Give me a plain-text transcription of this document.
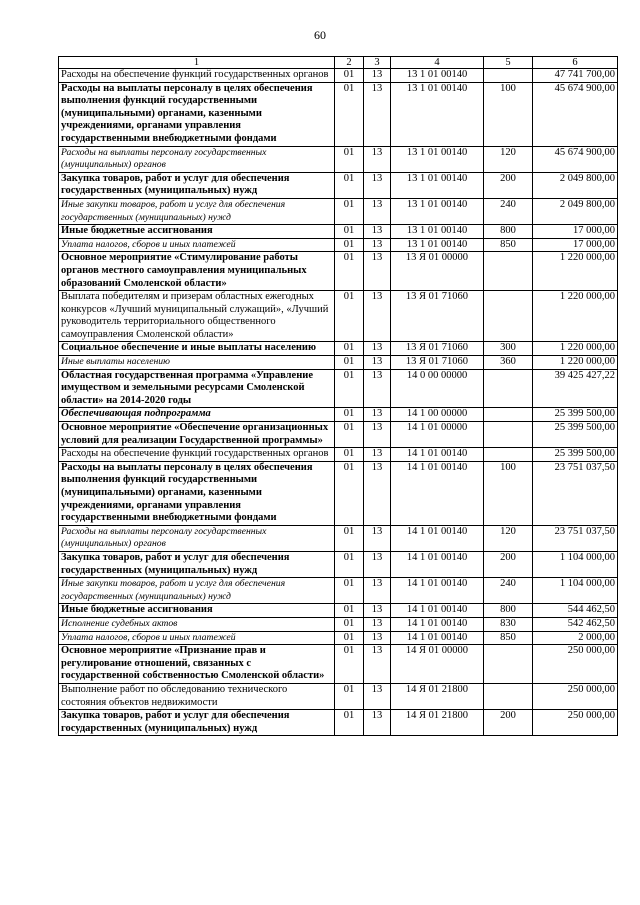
60
1	2	3	4	5	6
Расходы на обеспечение функций государственных органов	01	13	13 1 01 00140		47 741 700,00
Расходы на выплаты персоналу в целях обеспечения выполнения функций государственными (муниципальными) органами, казенными учреждениями, органами управления государственными внебюджетными фондами	01	13	13 1 01 00140	100	45 674 900,00
Расходы на выплаты персоналу государственных (муниципальных) органов	01	13	13 1 01 00140	120	45 674 900,00
Закупка товаров, работ и услуг для обеспечения государственных (муниципальных) нужд	01	13	13 1 01 00140	200	2 049 800,00
Иные закупки товаров, работ и услуг для обеспечения государственных (муниципальных) нужд	01	13	13 1 01 00140	240	2 049 800,00
Иные бюджетные ассигнования	01	13	13 1 01 00140	800	17 000,00
Уплата налогов, сборов и иных платежей	01	13	13 1 01 00140	850	17 000,00
Основное мероприятие «Стимулирование работы органов местного самоуправления муниципальных образований Смоленской области»	01	13	13 Я 01 00000		1 220 000,00
Выплата победителям и призерам областных ежегодных конкурсов «Лучший муниципальный служащий», «Лучший руководитель территориального общественного самоуправления Смоленской области»	01	13	13 Я 01 71060		1 220 000,00
Социальное обеспечение и иные выплаты населению	01	13	13 Я 01 71060	300	1 220 000,00
Иные выплаты населению	01	13	13 Я 01 71060	360	1 220 000,00
Областная государственная программа «Управление имуществом и земельными ресурсами Смоленской области» на 2014-2020 годы	01	13	14 0 00 00000		39 425 427,22
Обеспечивающая подпрограмма	01	13	14 1 00 00000		25 399 500,00
Основное мероприятие «Обеспечение организационных условий для реализации Государственной программы»	01	13	14 1 01 00000		25 399 500,00
Расходы на обеспечение функций государственных органов	01	13	14 1 01 00140		25 399 500,00
Расходы на выплаты персоналу в целях обеспечения выполнения функций государственными (муниципальными) органами, казенными учреждениями, органами управления государственными внебюджетными фондами	01	13	14 1 01 00140	100	23 751 037,50
Расходы на выплаты персоналу государственных (муниципальных) органов	01	13	14 1 01 00140	120	23 751 037,50
Закупка товаров, работ и услуг для обеспечения государственных (муниципальных) нужд	01	13	14 1 01 00140	200	1 104 000,00
Иные закупки товаров, работ и услуг для обеспечения государственных (муниципальных) нужд	01	13	14 1 01 00140	240	1 104 000,00
Иные бюджетные ассигнования	01	13	14 1 01 00140	800	544 462,50
Исполнение судебных актов	01	13	14 1 01 00140	830	542 462,50
Уплата налогов, сборов и иных платежей	01	13	14 1 01 00140	850	2 000,00
Основное мероприятие «Признание прав и регулирование отношений, связанных с государственной собственностью Смоленской области»	01	13	14 Я 01 00000		250 000,00
Выполнение работ по обследованию технического состояния объектов недвижимости	01	13	14 Я 01 21800		250 000,00
Закупка товаров, работ и услуг для обеспечения государственных (муниципальных) нужд	01	13	14 Я 01 21800	200	250 000,00
